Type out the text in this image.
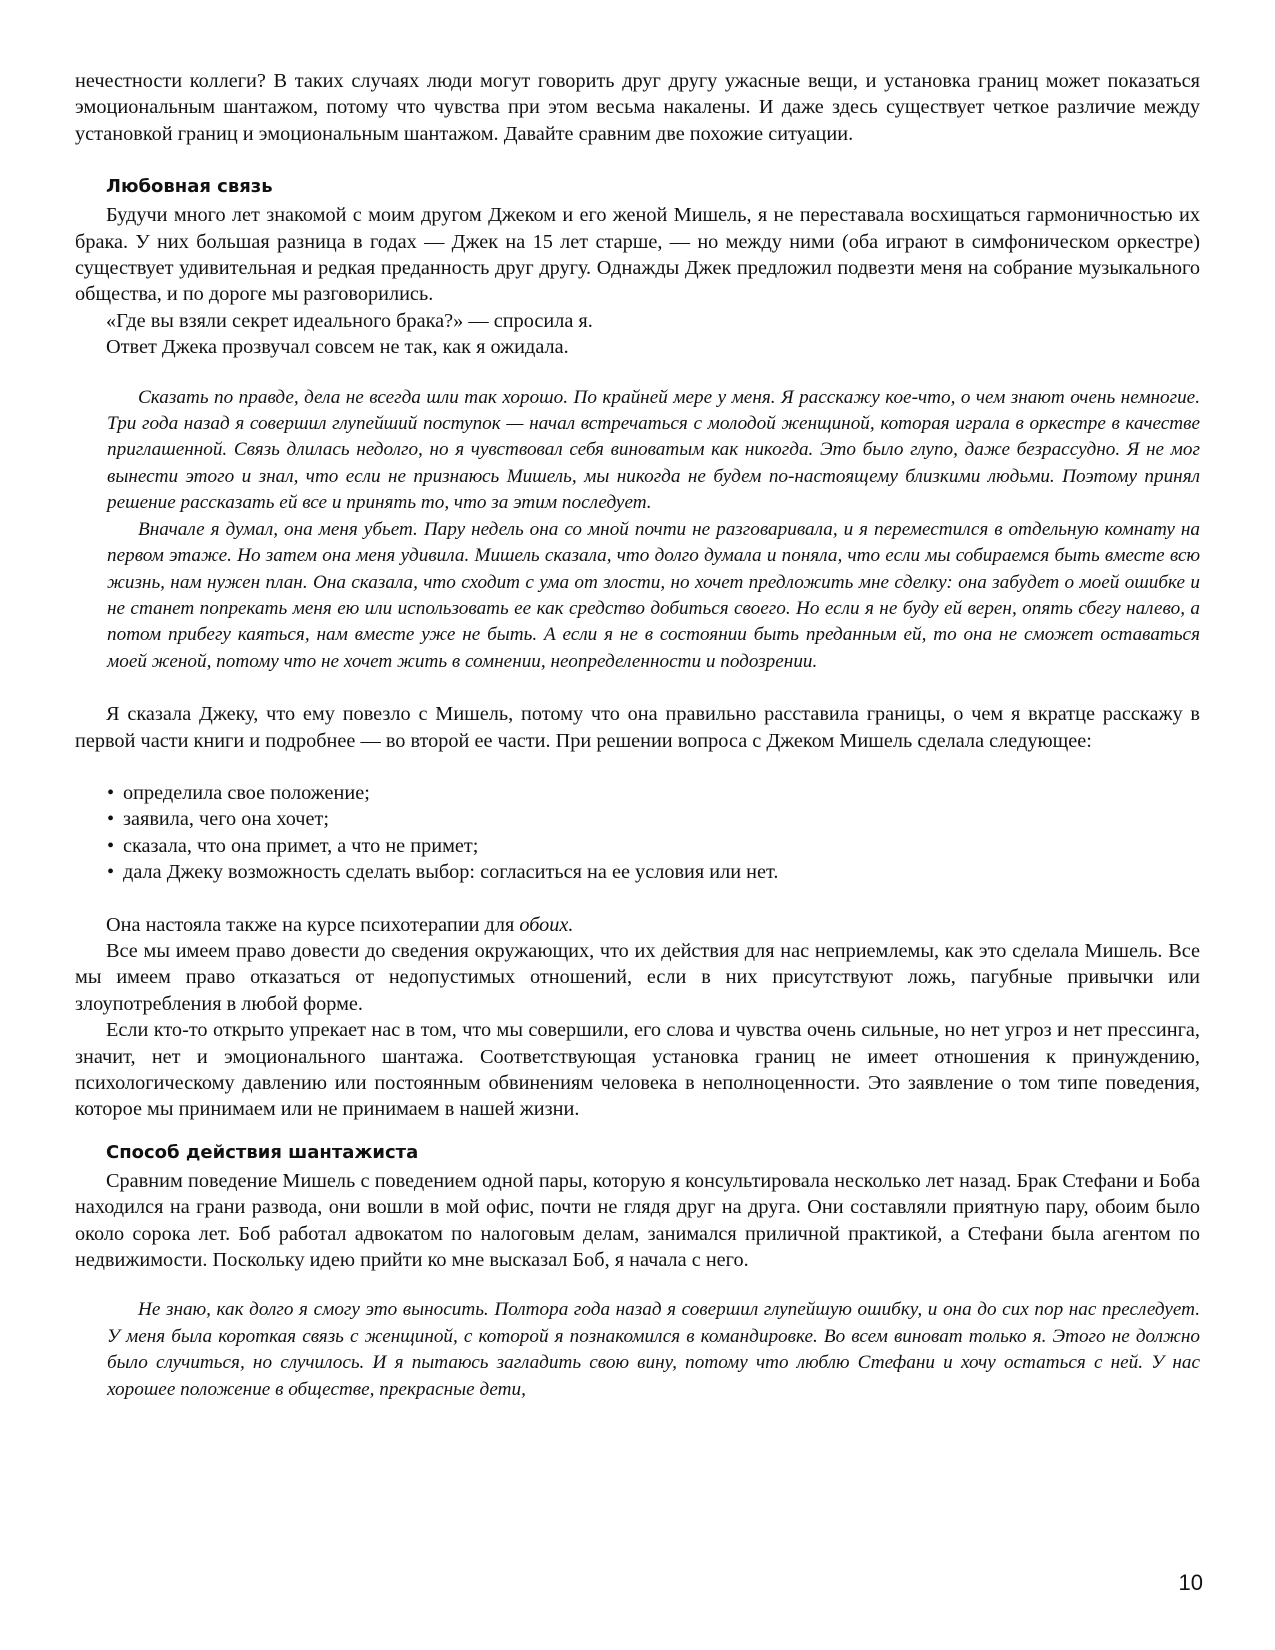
нечестности коллеги? В таких случаях люди могут говорить друг другу ужасные вещи, и установка границ может показаться эмоциональным шантажом, потому что чувства при этом весьма накалены. И даже здесь существует четкое различие между установкой границ и эмоциональным шантажом. Давайте сравним две похожие ситуации.

Любовная связь

Будучи много лет знакомой с моим другом Джеком и его женой Мишель, я не переставала восхищаться гармоничностью их брака. У них большая разница в годах — Джек на 15 лет старше, — но между ними (оба играют в симфоническом оркестре) существует удивительная и редкая преданность друг другу. Однажды Джек предложил подвезти меня на собрание музыкального общества, и по дороге мы разговорились.

«Где вы взяли секрет идеального брака?» — спросила я.

Ответ Джека прозвучал совсем не так, как я ожидала.

Сказать по правде, дела не всегда шли так хорошо. По крайней мере у меня. Я расскажу кое-что, о чем знают очень немногие. Три года назад я совершил глупейший поступок — начал встречаться с молодой женщиной, которая играла в оркестре в качестве приглашенной. Связь длилась недолго, но я чувствовал себя виноватым как никогда. Это было глупо, даже безрассудно. Я не мог вынести этого и знал, что если не признаюсь Мишель, мы никогда не будем по-настоящему близкими людьми. Поэтому принял решение рассказать ей все и принять то, что за этим последует.

Вначале я думал, она меня убьет. Пару недель она со мной почти не разговаривала, и я переместился в отдельную комнату на первом этаже. Но затем она меня удивила. Мишель сказала, что долго думала и поняла, что если мы собираемся быть вместе всю жизнь, нам нужен план. Она сказала, что сходит с ума от злости, но хочет предложить мне сделку: она забудет о моей ошибке и не станет попрекать меня ею или использовать ее как средство добиться своего. Но если я не буду ей верен, опять сбегу налево, а потом прибегу каяться, нам вместе уже не быть. А если я не в состоянии быть преданным ей, то она не сможет оставаться моей женой, потому что не хочет жить в сомнении, неопределенности и подозрении.

Я сказала Джеку, что ему повезло с Мишель, потому что она правильно расставила границы, о чем я вкратце расскажу в первой части книги и подробнее — во второй ее части. При решении вопроса с Джеком Мишель сделала следующее:

• определила свое положение;
• заявила, чего она хочет;
• сказала, что она примет, а что не примет;
• дала Джеку возможность сделать выбор: согласиться на ее условия или нет.

Она настояла также на курсе психотерапии для обоих.

Все мы имеем право довести до сведения окружающих, что их действия для нас неприемлемы, как это сделала Мишель. Все мы имеем право отказаться от недопустимых отношений, если в них присутствуют ложь, пагубные привычки или злоупотребления в любой форме.

Если кто-то открыто упрекает нас в том, что мы совершили, его слова и чувства очень сильные, но нет угроз и нет прессинга, значит, нет и эмоционального шантажа. Соответствующая установка границ не имеет отношения к принуждению, психологическому давлению или постоянным обвинениям человека в неполноценности. Это заявление о том типе поведения, которое мы принимаем или не принимаем в нашей жизни.

Способ действия шантажиста

Сравним поведение Мишель с поведением одной пары, которую я консультировала несколько лет назад. Брак Стефани и Боба находился на грани развода, они вошли в мой офис, почти не глядя друг на друга. Они составляли приятную пару, обоим было около сорока лет. Боб работал адвокатом по налоговым делам, занимался приличной практикой, а Стефани была агентом по недвижимости. Поскольку идею прийти ко мне высказал Боб, я начала с него.

Не знаю, как долго я смогу это выносить. Полтора года назад я совершил глупейшую ошибку, и она до сих пор нас преследует. У меня была короткая связь с женщиной, с которой я познакомился в командировке. Во всем виноват только я. Этого не должно было случиться, но случилось. И я пытаюсь загладить свою вину, потому что люблю Стефани и хочу остаться с ней. У нас хорошее положение в обществе, прекрасные дети,

10
